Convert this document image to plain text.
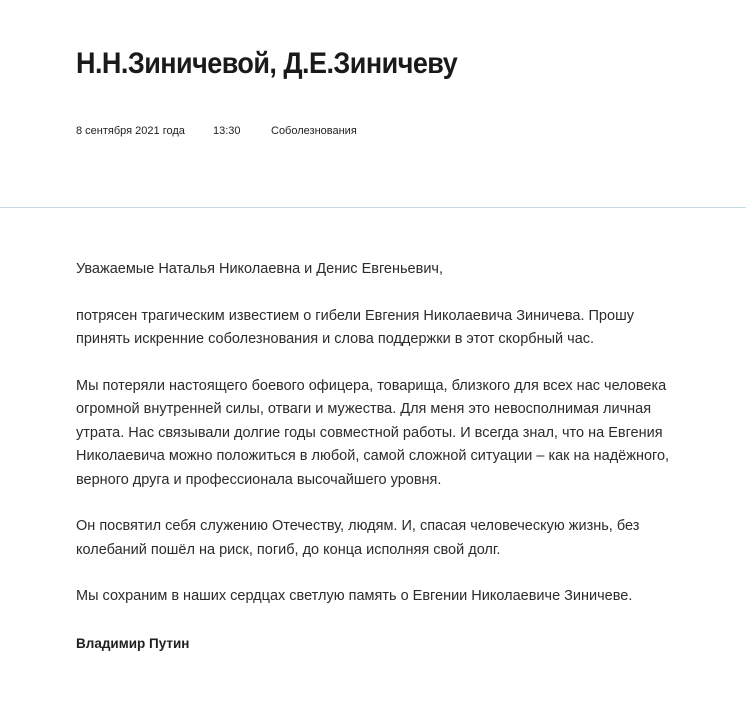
Н.Н.Зиничевой, Д.Е.Зиничеву
8 сентября 2021 года	13:30	Соболезнования

Уважаемые Наталья Николаевна и Денис Евгеньевич,

потрясен трагическим известием о гибели Евгения Николаевича Зиничева. Прошу
принять искренние соболезнования и слова поддержки в этот скорбный час.

Мы потеряли настоящего боевого офицера, товарища, близкого для всех нас человека
огромной внутренней силы, отваги и мужества. Для меня это невосполнимая личная
утрата. Нас связывали долгие годы совместной работы. И всегда знал, что на Евгения
Николаевича можно положиться в любой, самой сложной ситуации – как на надёжного,
верного друга и профессионала высочайшего уровня.

Он посвятил себя служению Отечеству, людям. И, спасая человеческую жизнь, без
колебаний пошёл на риск, погиб, до конца исполняя свой долг.

Мы сохраним в наших сердцах светлую память о Евгении Николаевиче Зиничеве.

Владимир Путин
